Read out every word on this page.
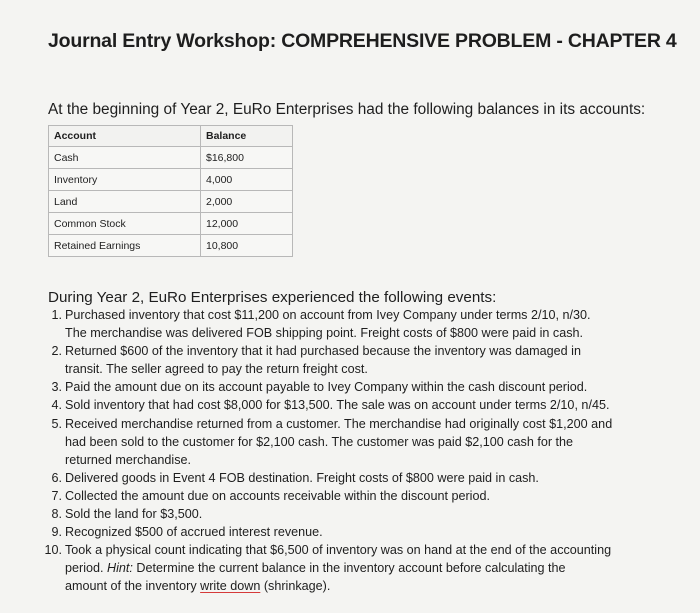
Journal Entry Workshop: COMPREHENSIVE PROBLEM - CHAPTER 4
At the beginning of Year 2, EuRo Enterprises had the following balances in its accounts:
Account	Balance
Cash	$16,800
Inventory	4,000
Land	2,000
Common Stock	12,000
Retained Earnings	10,800
During Year 2, EuRo Enterprises experienced the following events:
1. Purchased inventory that cost $11,200 on account from Ivey Company under terms 2/10, n/30.
The merchandise was delivered FOB shipping point. Freight costs of $800 were paid in cash.
2. Returned $600 of the inventory that it had purchased because the inventory was damaged in
transit. The seller agreed to pay the return freight cost.
3. Paid the amount due on its account payable to Ivey Company within the cash discount period.
4. Sold inventory that had cost $8,000 for $13,500. The sale was on account under terms 2/10, n/45.
5. Received merchandise returned from a customer. The merchandise had originally cost $1,200 and
had been sold to the customer for $2,100 cash. The customer was paid $2,100 cash for the
returned merchandise.
6. Delivered goods in Event 4 FOB destination. Freight costs of $800 were paid in cash.
7. Collected the amount due on accounts receivable within the discount period.
8. Sold the land for $3,500.
9. Recognized $500 of accrued interest revenue.
10. Took a physical count indicating that $6,500 of inventory was on hand at the end of the accounting
period. Hint: Determine the current balance in the inventory account before calculating the
amount of the inventory write down (shrinkage).
